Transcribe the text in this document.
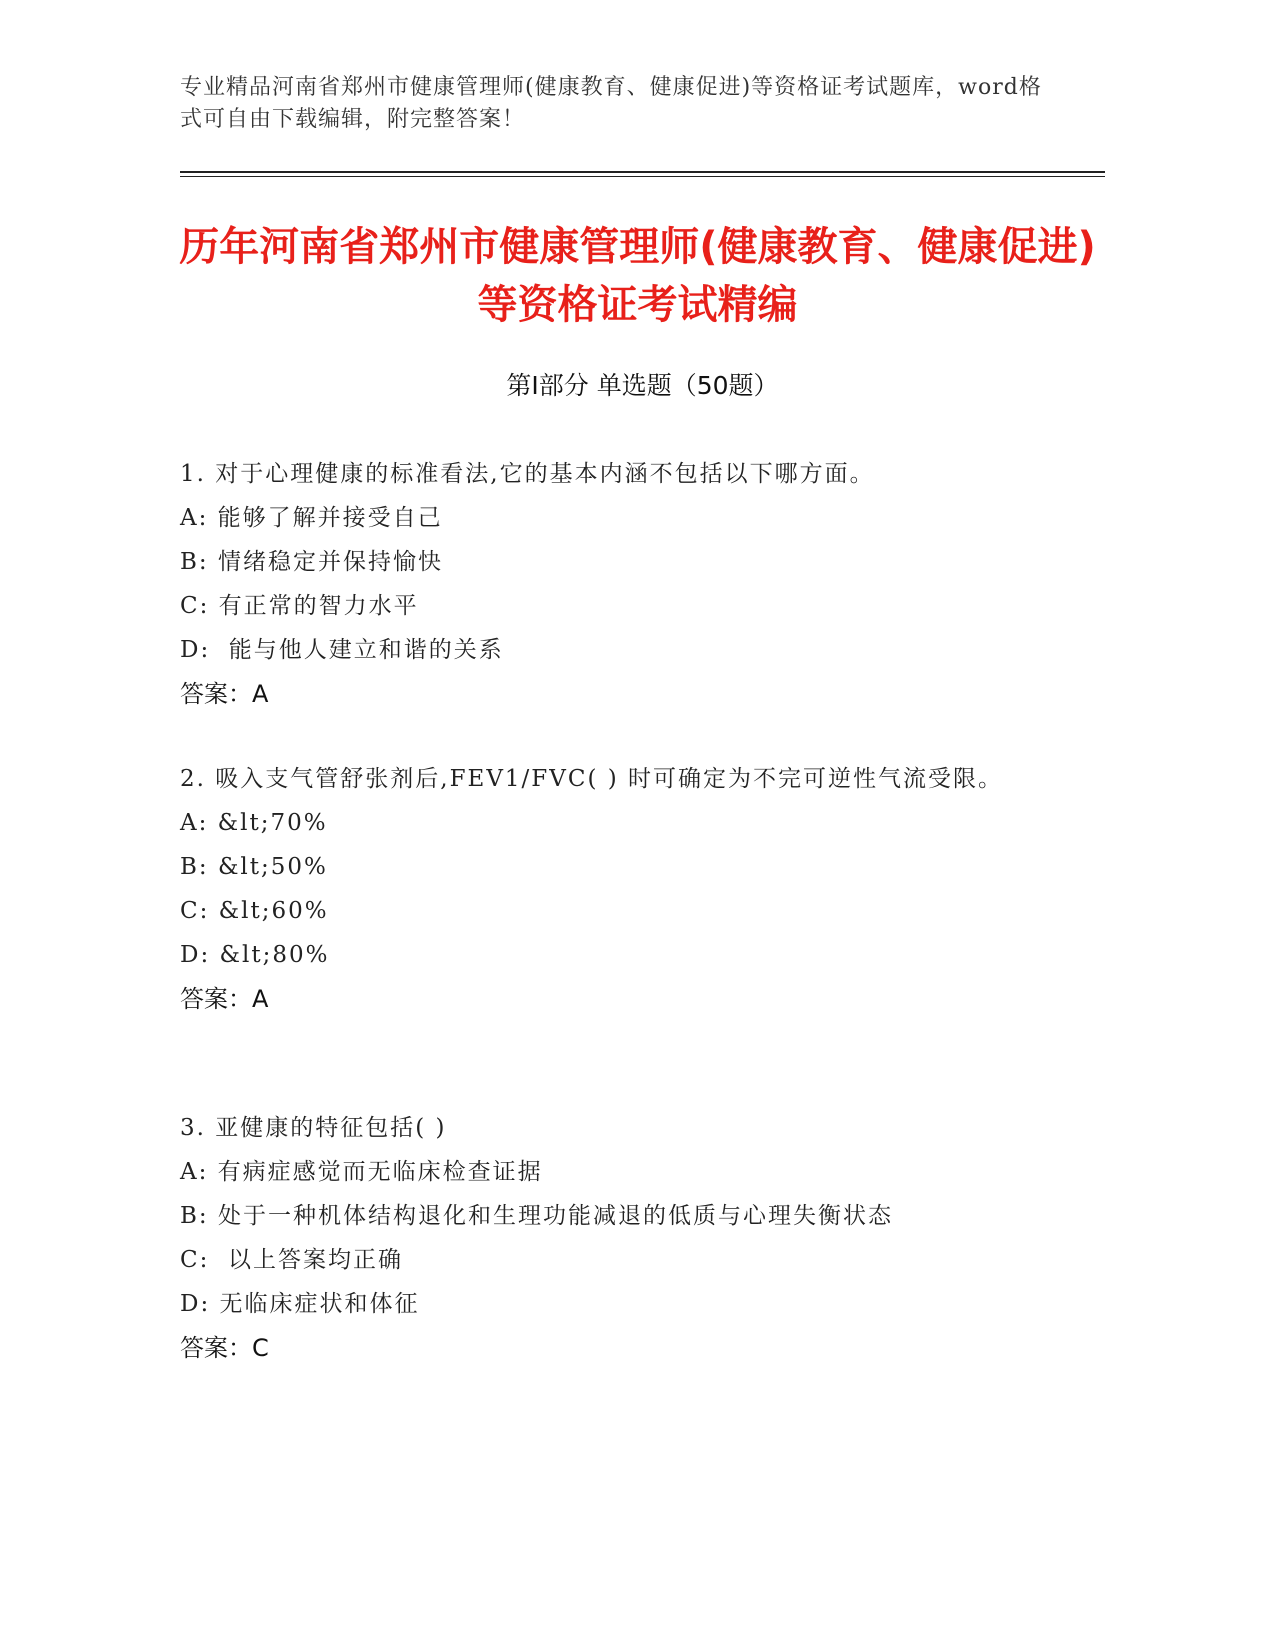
专业精品河南省郑州市健康管理师(健康教育、健康促进)等资格证考试题库，word格式可自由下载编辑，附完整答案！
历年河南省郑州市健康管理师(健康教育、健康促进)等资格证考试精编
第Ⅰ部分 单选题（50题）
1. 对于心理健康的标准看法,它的基本内涵不包括以下哪方面。
A: 能够了解并接受自己
B: 情绪稳定并保持愉快
C: 有正常的智力水平
D:  能与他人建立和谐的关系
答案：A
2. 吸入支气管舒张剂后,FEV1/FVC( ) 时可确定为不完可逆性气流受限。
A: &lt;70%
B: &lt;50%
C: &lt;60%
D: &lt;80%
答案：A
3. 亚健康的特征包括( )
A: 有病症感觉而无临床检查证据
B: 处于一种机体结构退化和生理功能减退的低质与心理失衡状态
C:  以上答案均正确
D: 无临床症状和体征
答案：C
